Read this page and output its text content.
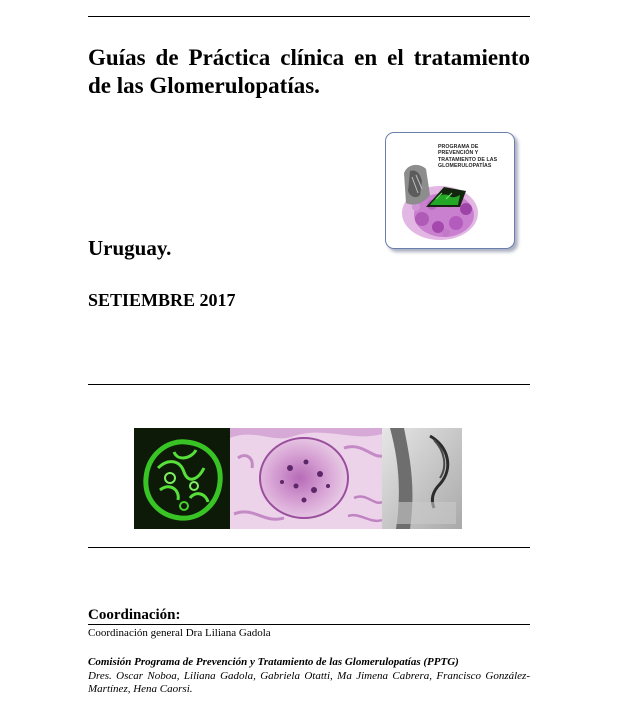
Guías de Práctica clínica en el tratamiento de las Glomerulopatías.
PROGRAMA DE
PREVENCIÓN Y
TRATAMIENTO DE LAS
GLOMERULOPATÍAS
Uruguay.
SETIEMBRE 2017
Coordinación:
Coordinación general Dra Liliana Gadola
Comisión Programa de Prevención y Tratamiento de las Glomerulopatías (PPTG)
Dres. Oscar Noboa, Liliana Gadola, Gabriela Otatti, Ma Jimena Cabrera, Francisco González-Martínez, Hena Caorsi.
